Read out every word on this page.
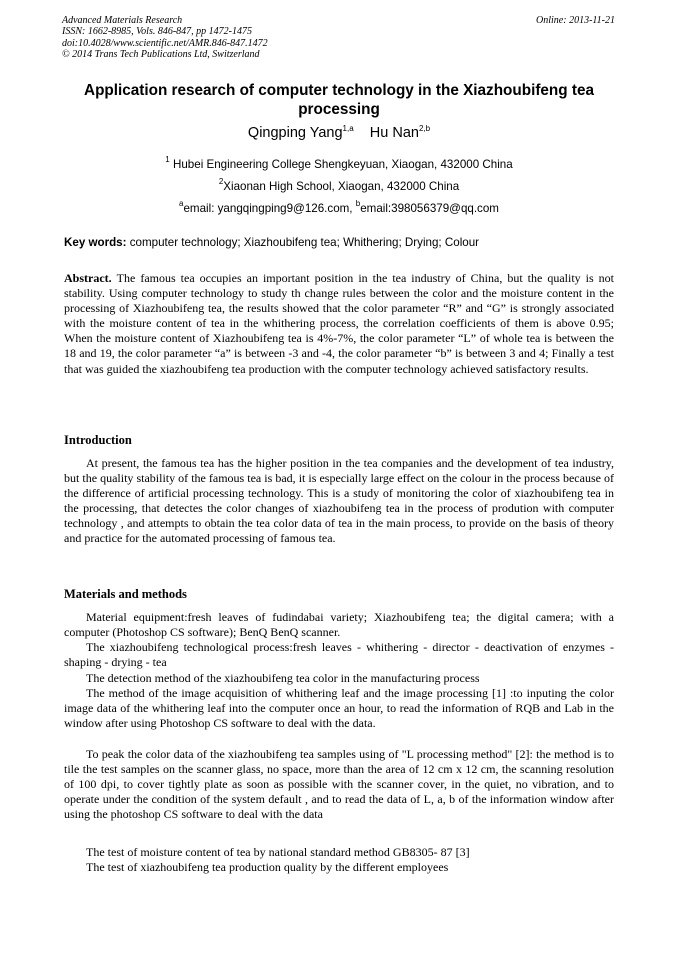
Advanced Materials Research
ISSN: 1662-8985, Vols. 846-847, pp 1472-1475
doi:10.4028/www.scientific.net/AMR.846-847.1472
© 2014 Trans Tech Publications Ltd, Switzerland
Online: 2013-11-21
Application research of computer technology in the Xiazhoubifeng tea processing
Qingping Yang$^{1,a}$ Hu Nan$^{2,b}$
$^1$ Hubei Engineering College Shengkeyuan, Xiaogan, 432000 China
$^2$Xiaonan High School, Xiaogan, 432000 China
$^a$email: yangqingping9@126.com, $^b$email:398056379@qq.com
Key words: computer technology; Xiazhoubifeng tea; Whithering; Drying; Colour
Abstract. The famous tea occupies an important position in the tea industry of China, but the quality is not stability. Using computer technology to study th change rules between the color and the moisture content in the processing of Xiazhoubifeng tea, the results showed that the color parameter “R” and “G” is strongly associated with the moisture content of tea in the whithering process, the correlation coefficients of them is above 0.95; When the moisture content of Xiazhoubifeng tea is 4%-7%, the color parameter “L” of whole tea is between the 18 and 19, the color parameter “a” is between -3 and -4, the color parameter “b” is between 3 and 4; Finally a test that was guided the xiazhoubifeng tea production with the computer technology achieved satisfactory results.
Introduction
At present, the famous tea has the higher position in the tea companies and the development of tea industry, but the quality stability of the famous tea is bad, it is especially large effect on the colour in the process because of the difference of artificial processing technology. This is a study of monitoring the color of xiazhoubifeng tea in the processing, that detectes the color changes of xiazhoubifeng tea in the process of prodution with computer technology , and attempts to obtain the tea color data of tea in the main process, to provide on the basis of theory and practice for the automated processing of famous tea.
Materials and methods
Material equipment:fresh leaves of fudindabai variety; Xiazhoubifeng tea; the digital camera; with a computer (Photoshop CS software); BenQ BenQ scanner.
The xiazhoubifeng technological process:fresh leaves - whithering - director - deactivation of enzymes - shaping - drying - tea
The detection method of the xiazhoubifeng tea color in the manufacturing process
The method of the image acquisition of whithering leaf and the image processing [1] :to inputing the color image data of the whithering leaf into the computer once an hour, to read the information of RQB and Lab in the window after using Photoshop CS software to deal with the data.
To peak the color data of the xiazhoubifeng tea samples using of "L processing method" [2]: the method is to tile the test samples on the scanner glass, no space, more than the area of 12 cm x 12 cm, the scanning resolution of 100 dpi, to cover tightly plate as soon as possible with the scanner cover, in the quiet, no vibration, and to operate under the condition of the system default , and to read the data of L, a, b of the information window after using the photoshop CS software to deal with the data
The test of moisture content of tea by national standard method GB8305- 87 [3]
The test of xiazhoubifeng tea production quality by the different employees
